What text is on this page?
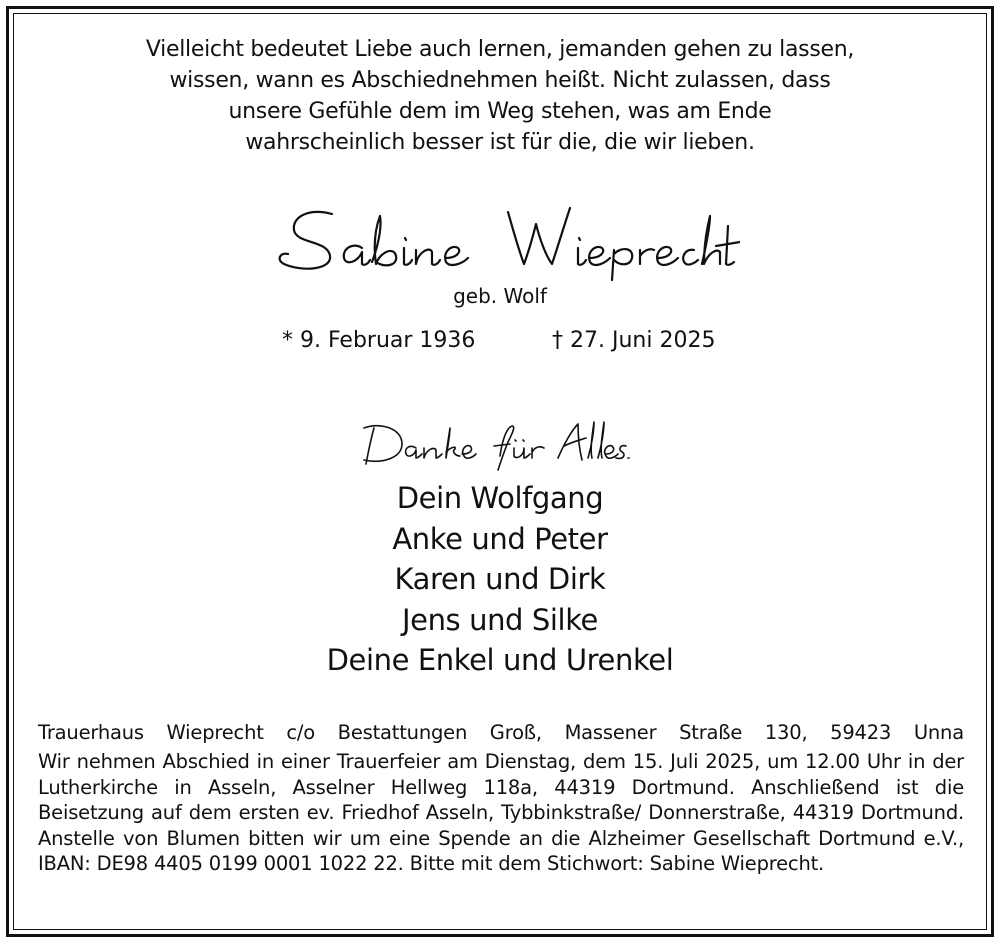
Vielleicht bedeutet Liebe auch lernen, jemanden gehen zu lassen,
wissen, wann es Abschiednehmen heißt. Nicht zulassen, dass
unsere Gefühle dem im Weg stehen, was am Ende
wahrscheinlich besser ist für die, die wir lieben.
geb. Wolf
* 9. Februar 1936	† 27. Juni 2025
Dein Wolfgang
Anke und Peter
Karen und Dirk
Jens und Silke
Deine Enkel und Urenkel
Trauerhaus Wieprecht c/o Bestattungen Groß, Massener Straße 130, 59423 Unna
Wir nehmen Abschied in einer Trauerfeier am Dienstag, dem 15. Juli 2025, um 12.00 Uhr in der Lutherkirche in Asseln, Asselner Hellweg 118a, 44319 Dortmund. Anschließend ist die Beisetzung auf dem ersten ev. Friedhof Asseln, Tybbinkstraße/ Donnerstraße, 44319 Dortmund. Anstelle von Blumen bitten wir um eine Spende an die Alzheimer Gesellschaft Dortmund e.V., IBAN: DE98 4405 0199 0001 1022 22. Bitte mit dem Stichwort: Sabine Wieprecht.
